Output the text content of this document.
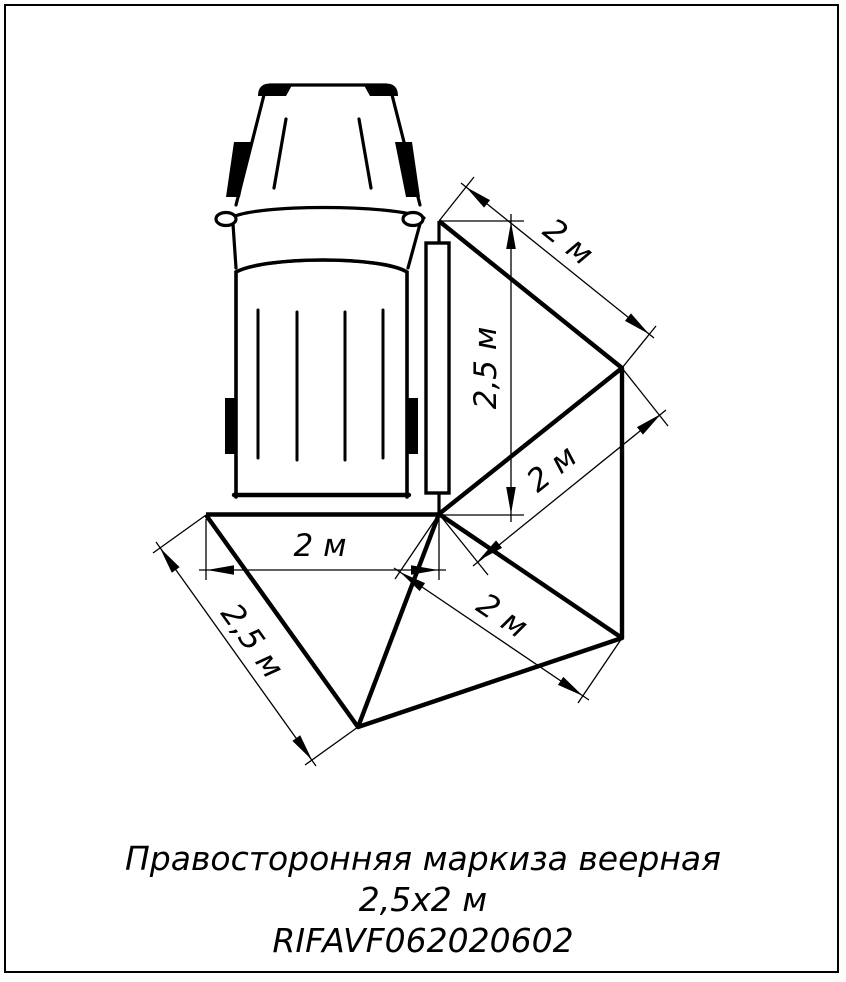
2 м
2,5 м
2 м
2 м
2 м
2,5 м
Правосторонняя маркиза веерная
2,5x2 м
RIFAVF062020602
